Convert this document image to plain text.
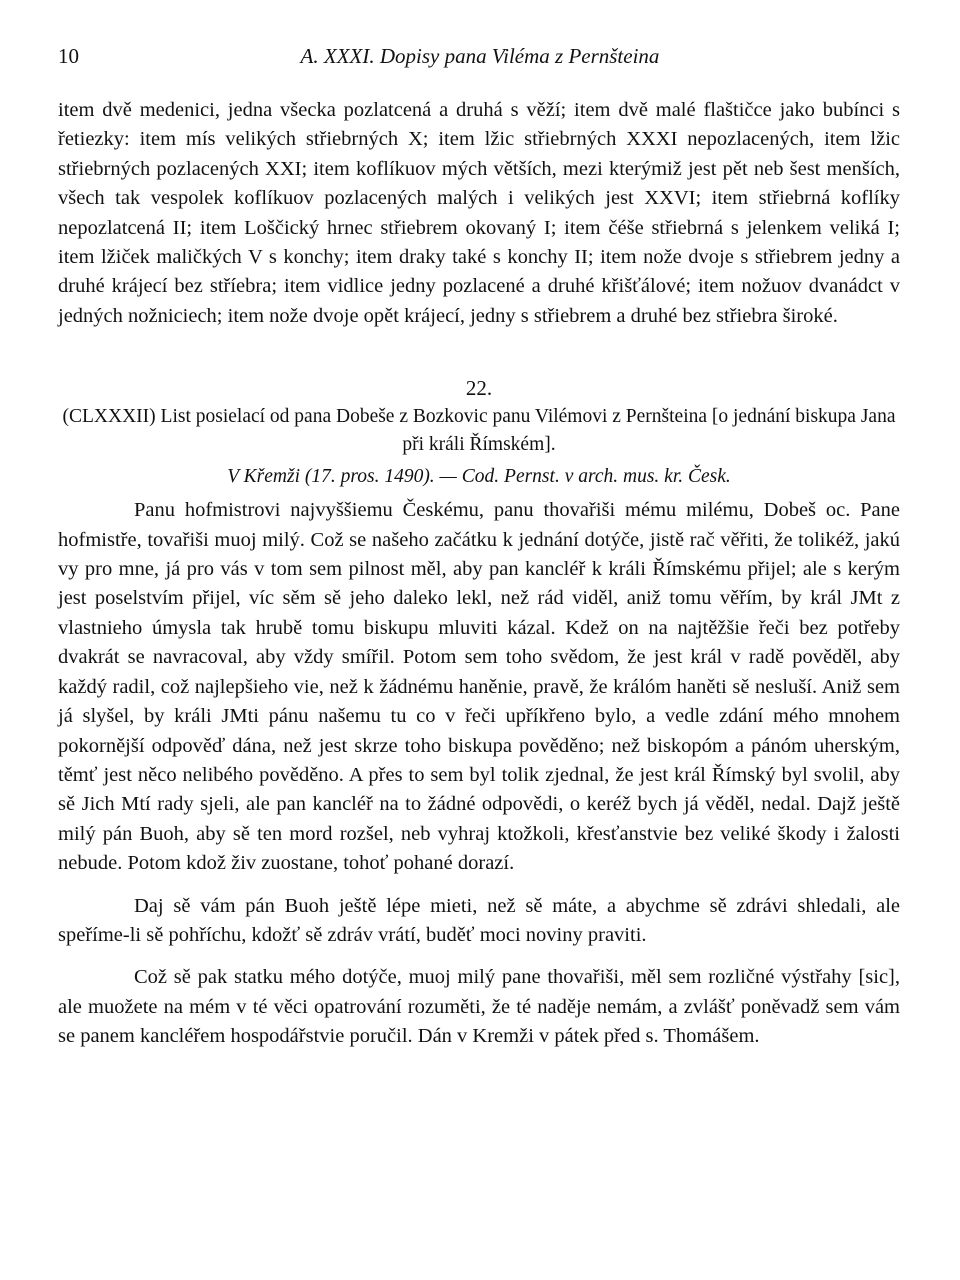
10	A. XXXI. Dopisy pana Viléma z Pernšteina

item dvě medenici, jedna všecka pozlatcená a druhá s věží; item dvě malé flaštičce jako bubínci s řetiezky: item mís velikých střiebrných X; item lžic střiebrných XXXI nepozlacených, item lžic střiebrných pozlacených XXI; item koflíkuov mých větších, mezi kterýmiž jest pět neb šest menších, všech tak vespolek koflíkuov pozlacených malých i velikých jest XXVI; item střiebrná koflíky nepozlatcená II; item Loščický hrnec střiebrem okovaný I; item čéše střiebrná s jelenkem veliká I; item lžiček maličkých V s konchy; item draky také s konchy II; item nože dvoje s střiebrem jedny a druhé krájecí bez stříebra; item vidlice jedny pozlacené a druhé křišťálové; item nožuov dvanádct v jedných nožniciech; item nože dvoje opět krájecí, jedny s střiebrem a druhé bez střiebra široké.

22.
(CLXXXII) List posielací od pana Dobeše z Bozkovic panu Vilémovi z Pernšteina [o jednání biskupa Jana při králi Římském].
V Křemži (17. pros. 1490). — Cod. Pernst. v arch. mus. kr. Česk.

Panu hofmistrovi najvyššiemu Českému, panu thovařiši mému milému, Dobeš oc. Pane hofmistře, tovařiši muoj milý. Což se našeho začátku k jednání dotýče, jistě rač věřiti, že tolikéž, jakú vy pro mne, já pro vás v tom sem pilnost měl, aby pan kancléř k králi Římskému přijel; ale s kerým jest poselstvím přijel, víc sěm sě jeho daleko lekl, než rád viděl, aniž tomu věřím, by král JMt z vlastnieho úmysla tak hrubě tomu biskupu mluviti kázal. Kdež on na najtěžšie řeči bez potřeby dvakrát se navracoval, aby vždy smířil. Potom sem toho svědom, že jest král v radě pověděl, aby každý radil, což najlepšieho vie, než k žádnému haněnie, pravě, že králóm haněti sě nesluší. Aniž sem já slyšel, by králi JMti pánu našemu tu co v řeči upříkřeno bylo, a vedle zdání mého mnohem pokornější odpověď dána, než jest skrze toho biskupa pověděno; než biskopóm a pánóm uherským, těmť jest něco nelibého pověděno. A přes to sem byl tolik zjednal, že jest král Římský byl svolil, aby sě Jich Mtí rady sjeli, ale pan kancléř na to žádné odpovědi, o keréž bych já věděl, nedal. Dajž ještě milý pán Buoh, aby sě ten mord rozšel, neb vyhraj ktožkoli, křesťanstvie bez veliké škody i žalosti nebude. Potom kdož živ zuostane, tohoť pohané dorazí.

Daj sě vám pán Buoh ještě lépe mieti, než sě máte, a abychme sě zdrávi shledali, ale speříme-li sě pohříchu, kdožť sě zdráv vrátí, buděť moci noviny praviti.

Což sě pak statku mého dotýče, muoj milý pane thovařiši, měl sem rozličné výstřahy [sic], ale muožete na mém v té věci opatrování rozuměti, že té naděje nemám, a zvlášť poněvadž sem vám se panem kancléřem hospodářstvie poručil. Dán v Kremži v pátek před s. Thomášem.
